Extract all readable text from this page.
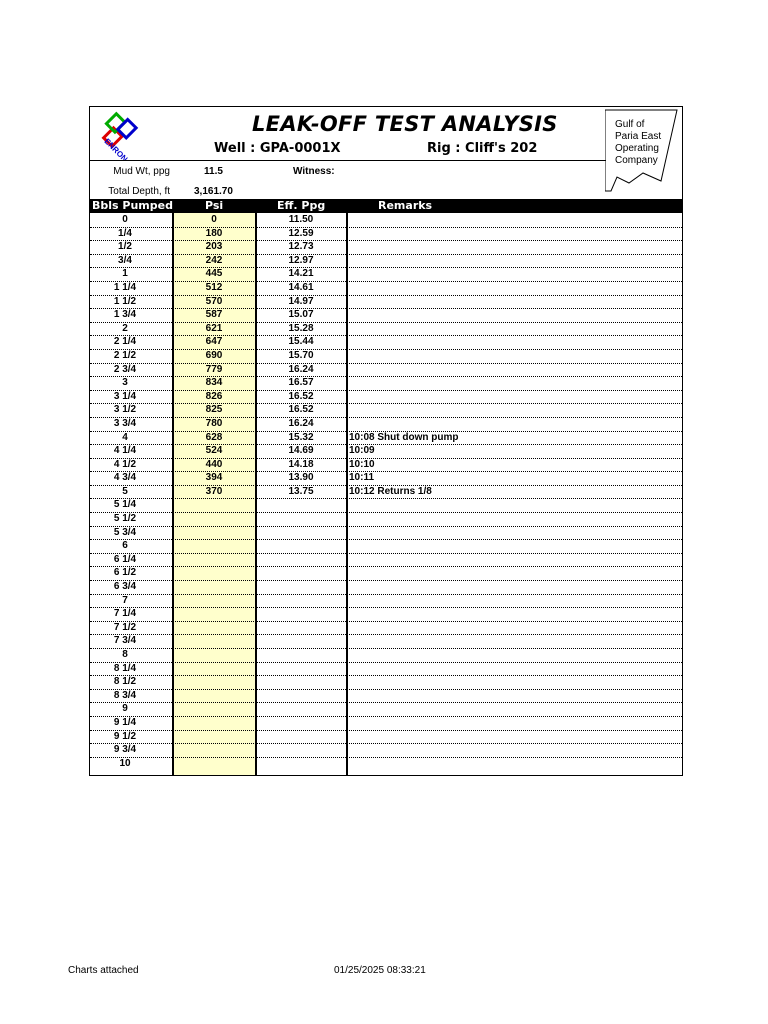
ENRON
LEAK-OFF TEST ANALYSIS
Well : GPA-0001X	Rig : Cliff's 202
Gulf of
Paria East
Operating
Company
Mud Wt, ppg	11.5	Witness:
Total Depth, ft 3,161.70
Bbls Pumped	Psi	Eff. Ppg	Remarks
0	0	11.50
1/4	180	12.59
1/2	203	12.73
3/4	242	12.97
1	445	14.21
1 1/4	512	14.61
1 1/2	570	14.97
1 3/4	587	15.07
2	621	15.28
2 1/4	647	15.44
2 1/2	690	15.70
2 3/4	779	16.24
3	834	16.57
3 1/4	826	16.52
3 1/2	825	16.52
3 3/4	780	16.24
4	628	15.32	10:08 Shut down pump
4 1/4	524	14.69	10:09
4 1/2	440	14.18	10:10
4 3/4	394	13.90	10:11
5	370	13.75	10:12 Returns 1/8
5 1/4
5 1/2
5 3/4
6
6 1/4
6 1/2
6 3/4
7
7 1/4
7 1/2
7 3/4
8
8 1/4
8 1/2
8 3/4
9
9 1/4
9 1/2
9 3/4
10
Charts attached	01/25/2025 08:33:21
